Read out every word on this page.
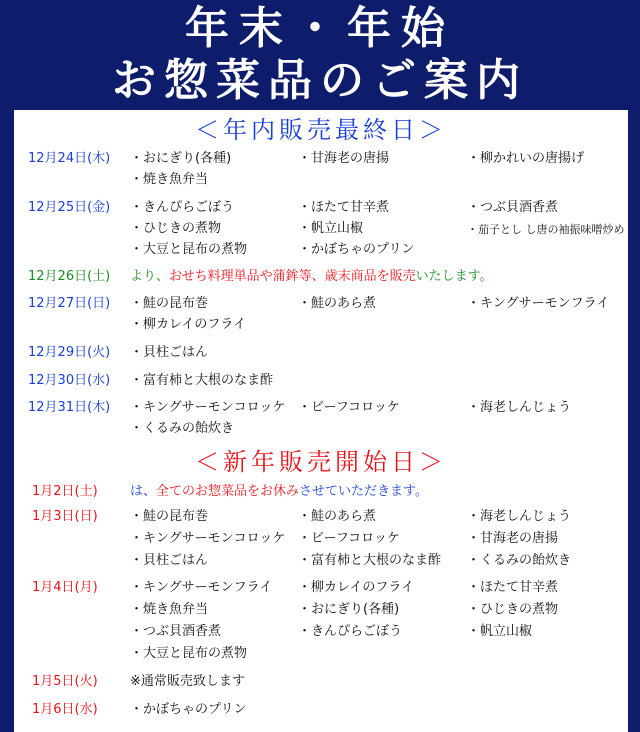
年末・年始
お惣菜品のご案内
＜年内販売最終日＞
12月24日(木) ・おにぎり(各種)	・甘海老の唐揚	・柳かれいの唐揚げ
・焼き魚弁当
12月25日(金) ・きんぴらごぼう	・ほたて甘辛煮	・つぶ貝酒香煮
・ひじきの煮物	・帆立山椒	・茄子とし し唐の袖振味噌炒め
・大豆と昆布の煮物	・かぼちゃのプリン
12月26日(土) より、おせち料理単品や蒲鉾等、歳末商品を販売いたします。
12月27日(日) ・鮭の昆布巻	・鮭のあら煮	・キングサーモンフライ
・柳カレイのフライ
12月29日(火) ・貝柱ごはん
12月30日(水) ・富有柿と大根のなま酢
12月31日(木) ・キングサーモンコロッケ ・ビーフコロッケ	・海老しんじょう
・くるみの飴炊き
＜新年販売開始日＞
1月2日(土) は、全てのお惣菜品をお休みさせていただきます。
1月3日(日) ・鮭の昆布巻	・鮭のあら煮	・海老しんじょう
・キングサーモンコロッケ ・ビーフコロッケ	・甘海老の唐揚
・貝柱ごはん	・富有柿と大根のなま酢 ・くるみの飴炊き
1月4日(月) ・キングサーモンフライ ・柳カレイのフライ	・ほたて甘辛煮
・焼き魚弁当	・おにぎり(各種)	・ひじきの煮物
・つぶ貝酒香煮	・きんぴらごぼう	・帆立山椒
・大豆と昆布の煮物
1月5日(火) ※通常販売致します
1月6日(水) ・かぼちゃのプリン
